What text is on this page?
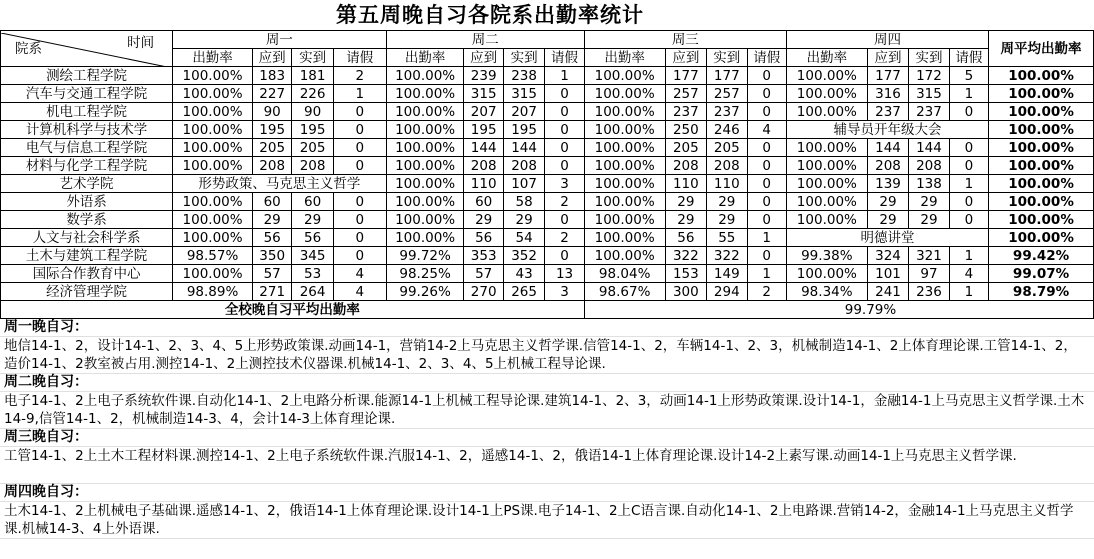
第五周晚自习各院系出勤率统计
院系 时间	周一				周二				周三				周四				周平均出勤率
	出勤率	应到	实到	请假	出勤率	应到	实到	请假	出勤率	应到	实到	请假	出勤率	应到	实到	请假	
测绘工程学院	100.00%	183	181	2	100.00%	239	238	1	100.00%	177	177	0	100.00%	177	172	5	100.00%
汽车与交通工程学院	100.00%	227	226	1	100.00%	315	315	0	100.00%	257	257	0	100.00%	316	315	1	100.00%
机电工程学院	100.00%	90	90	0	100.00%	207	207	0	100.00%	237	237	0	100.00%	237	237	0	100.00%
计算机科学与技术学	100.00%	195	195	0	100.00%	195	195	0	100.00%	250	246	4	辅导员开年级大会				100.00%
电气与信息工程学院	100.00%	205	205	0	100.00%	144	144	0	100.00%	205	205	0	100.00%	144	144	0	100.00%
材料与化学工程学院	100.00%	208	208	0	100.00%	208	208	0	100.00%	208	208	0	100.00%	208	208	0	100.00%
艺术学院	形势政策、马克思主义哲学				100.00%	110	107	3	100.00%	110	110	0	100.00%	139	138	1	100.00%
外语系	100.00%	60	60	0	100.00%	60	58	2	100.00%	29	29	0	100.00%	29	29	0	100.00%
数学系	100.00%	29	29	0	100.00%	29	29	0	100.00%	29	29	0	100.00%	29	29	0	100.00%
人文与社会科学系	100.00%	56	56	0	100.00%	56	54	2	100.00%	56	55	1	明德讲堂				100.00%
土木与建筑工程学院	98.57%	350	345	0	99.72%	353	352	0	100.00%	322	322	0	99.38%	324	321	1	99.42%
国际合作教育中心	100.00%	57	53	4	98.25%	57	43	13	98.04%	153	149	1	100.00%	101	97	4	99.07%
经济管理学院	98.89%	271	264	4	99.26%	270	265	3	98.67%	300	294	2	98.34%	241	236	1	98.79%
全校晚自习平均出勤率									99.79%								
周一晚自习：
地信14-1、2，设计14-1、2、3、4、5上形势政策课.动画14-1，营销14-2上马克思主义哲学课.信管14-1、2，车辆14-1、2、3，机械制造14-1、2上体育理论课.工管14-1、2，造价14-1、2教室被占用.测控14-1、2上测控技术仪器课.机械14-1、2、3、4、5上机械工程导论课.
周二晚自习：
电子14-1、2上电子系统软件课.自动化14-1、2上电路分析课.能源14-1上机械工程导论课.建筑14-1、2、3，动画14-1上形势政策课.设计14-1，金融14-1上马克思主义哲学课.土木14-9,信管14-1、2，机械制造14-3、4，会计14-3上体育理论课.
周三晚自习：
工管14-1、2上土木工程材料课.测控14-1、2上电子系统软件课.汽服14-1、2，遥感14-1、2，俄语14-1上体育理论课.设计14-2上素写课.动画14-1上马克思主义哲学课.
周四晚自习：
土木14-1、2上机械电子基础课.遥感14-1、2，俄语14-1上体育理论课.设计14-1上PS课.电子14-1、2上C语言课.自动化14-1、2上电路课.营销14-2，金融14-1上马克思主义哲学课.机械14-3、4上外语课.
